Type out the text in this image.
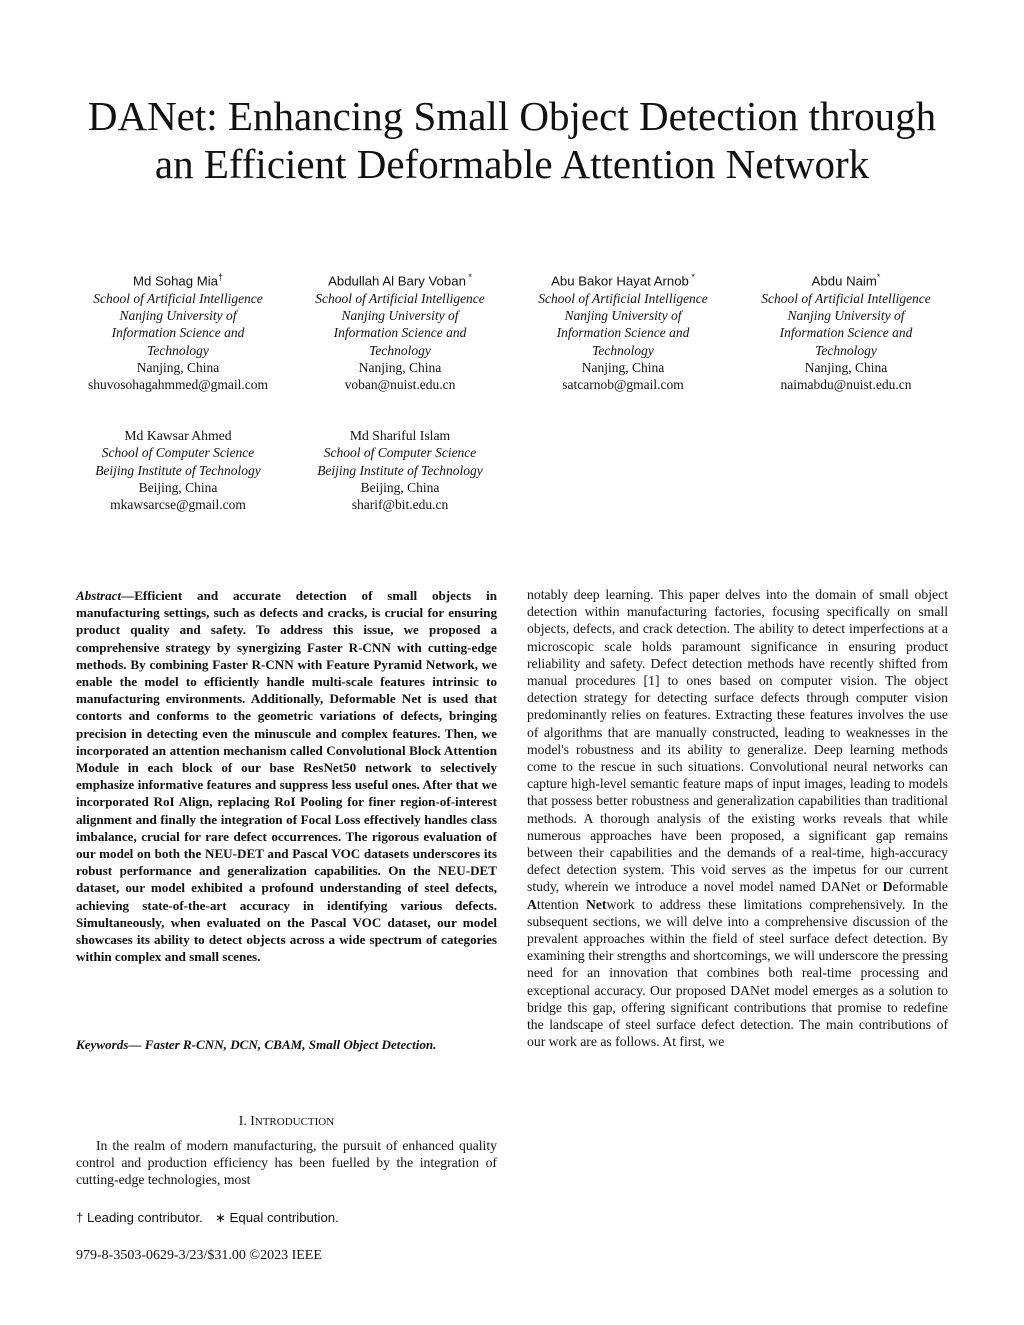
DANet: Enhancing Small Object Detection through
an Efficient Deformable Attention Network
Md Sohag Mia†
School of Artificial Intelligence
Nanjing University of
Information Science and
Technology
Nanjing, China
shuvosohagahmmed@gmail.com
Abdullah Al Bary Voban *
School of Artificial Intelligence
Nanjing University of
Information Science and
Technology
Nanjing, China
voban@nuist.edu.cn
Abu Bakor Hayat Arnob *
School of Artificial Intelligence
Nanjing University of
Information Science and
Technology
Nanjing, China
satcarnob@gmail.com
Abdu Naim*
School of Artificial Intelligence
Nanjing University of
Information Science and
Technology
Nanjing, China
naimabdu@nuist.edu.cn
Md Kawsar Ahmed
School of Computer Science
Beijing Institute of Technology
Beijing, China
mkawsarcse@gmail.com
Md Shariful Islam
School of Computer Science
Beijing Institute of Technology
Beijing, China
sharif@bit.edu.cn

Abstract—Efficient and accurate detection of small objects in manufacturing settings, such as defects and cracks, is crucial for ensuring product quality and safety. To address this issue, we proposed a comprehensive strategy by synergizing Faster R-CNN with cutting-edge methods. By combining Faster R-CNN with Feature Pyramid Network, we enable the model to efficiently handle multi-scale features intrinsic to manufacturing environments. Additionally, Deformable Net is used that contorts and conforms to the geometric variations of defects, bringing precision in detecting even the minuscule and complex features. Then, we incorporated an attention mechanism called Convolutional Block Attention Module in each block of our base ResNet50 network to selectively emphasize informative features and suppress less useful ones. After that we incorporated RoI Align, replacing RoI Pooling for finer region-of-interest alignment and finally the integration of Focal Loss effectively handles class imbalance, crucial for rare defect occurrences. The rigorous evaluation of our model on both the NEU-DET and Pascal VOC datasets underscores its robust performance and generalization capabilities. On the NEU-DET dataset, our model exhibited a profound understanding of steel defects, achieving state-of-the-art accuracy in identifying various defects. Simultaneously, when evaluated on the Pascal VOC dataset, our model showcases its ability to detect objects across a wide spectrum of categories within complex and small scenes.

Keywords— Faster R-CNN, DCN, CBAM, Small Object Detection.

I. INTRODUCTION

In the realm of modern manufacturing, the pursuit of enhanced quality control and production efficiency has been fuelled by the integration of cutting-edge technologies, most

notably deep learning. This paper delves into the domain of small object detection within manufacturing factories, focusing specifically on small objects, defects, and crack detection. The ability to detect imperfections at a microscopic scale holds paramount significance in ensuring product reliability and safety. Defect detection methods have recently shifted from manual procedures [1] to ones based on computer vision. The object detection strategy for detecting surface defects through computer vision predominantly relies on features. Extracting these features involves the use of algorithms that are manually constructed, leading to weaknesses in the model's robustness and its ability to generalize. Deep learning methods come to the rescue in such situations. Convolutional neural networks can capture high-level semantic feature maps of input images, leading to models that possess better robustness and generalization capabilities than traditional methods. A thorough analysis of the existing works reveals that while numerous approaches have been proposed, a significant gap remains between their capabilities and the demands of a real-time, high-accuracy defect detection system. This void serves as the impetus for our current study, wherein we introduce a novel model named DANet or Deformable Attention Network to address these limitations comprehensively. In the subsequent sections, we will delve into a comprehensive discussion of the prevalent approaches within the field of steel surface defect detection. By examining their strengths and shortcomings, we will underscore the pressing need for an innovation that combines both real-time processing and exceptional accuracy. Our proposed DANet model emerges as a solution to bridge this gap, offering significant contributions that promise to redefine the landscape of steel surface defect detection. The main contributions of our work are as follows. At first, we

† Leading contributor. ∗ Equal contribution.
979-8-3503-0629-3/23/$31.00 ©2023 IEEE
